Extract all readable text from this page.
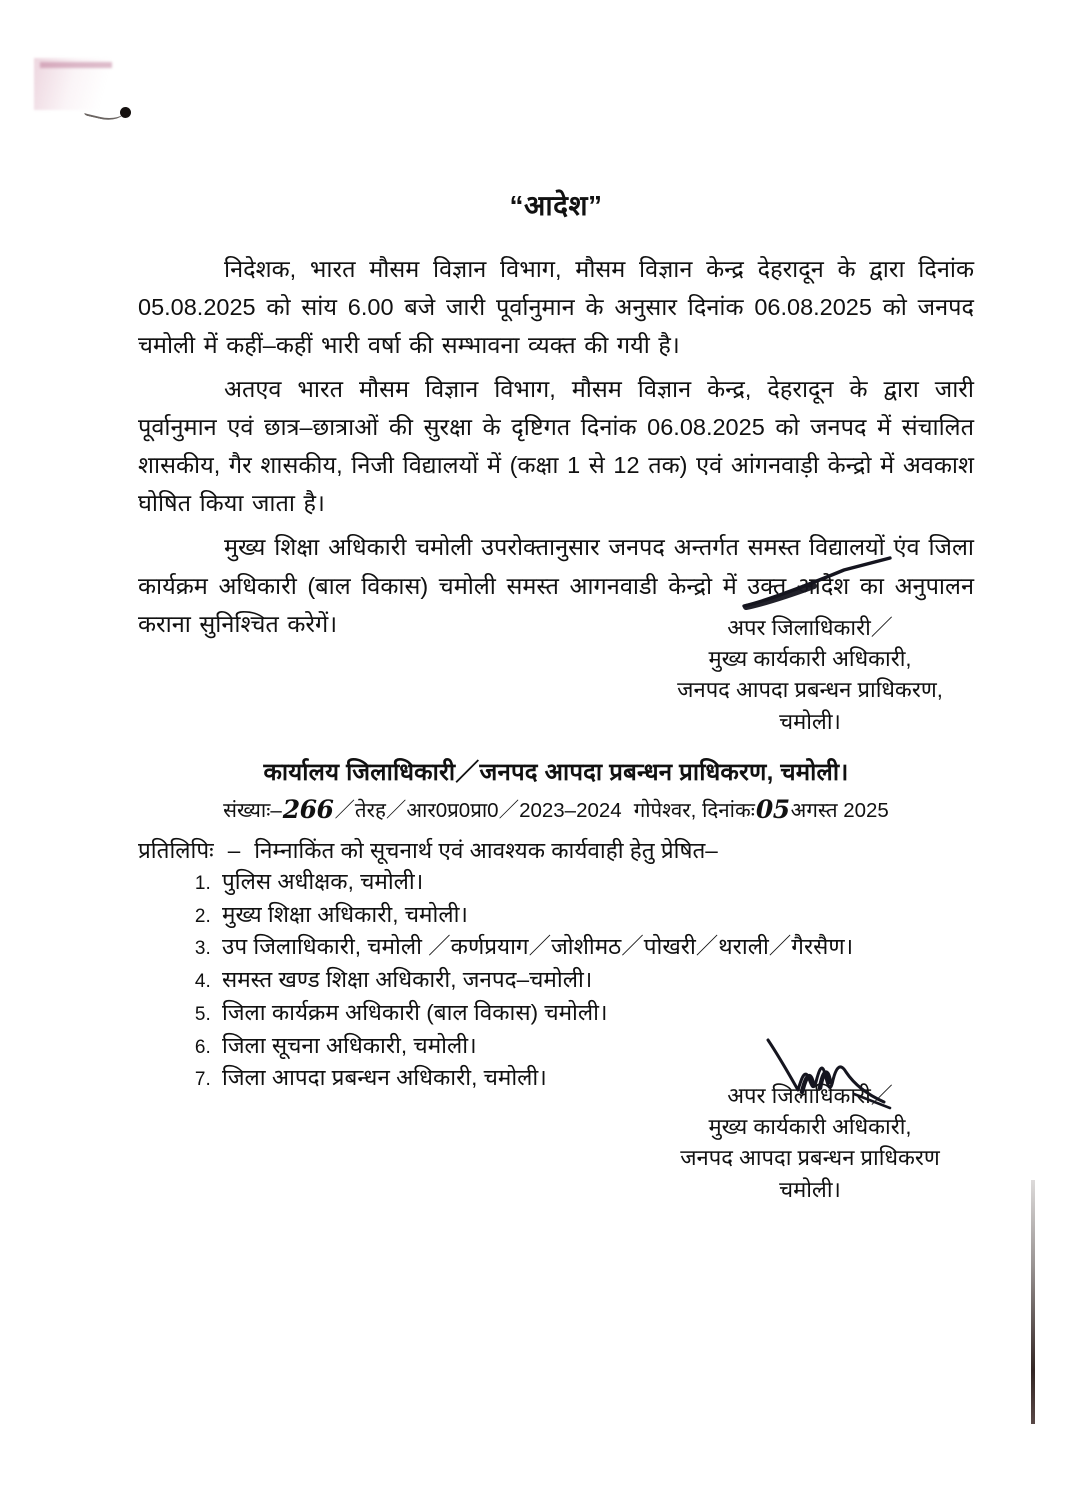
“आदेश”

निदेशक, भारत मौसम विज्ञान विभाग, मौसम विज्ञान केन्द्र देहरादून के द्वारा दिनांक 05.08.2025 को सांय 6.00 बजे जारी पूर्वानुमान के अनुसार दिनांक 06.08.2025 को जनपद चमोली में कहीं–कहीं भारी वर्षा की सम्भावना व्यक्त की गयी है।

अतएव भारत मौसम विज्ञान विभाग, मौसम विज्ञान केन्द्र, देहरादून के द्वारा जारी पूर्वानुमान एवं छात्र–छात्राओं की सुरक्षा के दृष्टिगत दिनांक 06.08.2025 को जनपद में संचालित शासकीय, गैर शासकीय, निजी विद्यालयों में (कक्षा 1 से 12 तक) एवं आंगनवाड़ी केन्द्रो में अवकाश घोषित किया जाता है।

मुख्य शिक्षा अधिकारी चमोली उपरोक्तानुसार जनपद अन्तर्गत समस्त विद्यालयों एंव जिला कार्यक्रम अधिकारी (बाल विकास) चमोली समस्त आगनवाडी केन्द्रो में उक्त आदेश का अनुपालन कराना सुनिश्चित करेगें।	अपर जिलाधिकारी／
मुख्य कार्यकारी अधिकारी,
जनपद आपदा प्रबन्धन प्राधिकरण,
चमोली।
कार्यालय जिलाधिकारी／जनपद आपदा प्रबन्धन प्राधिकरण, चमोली।
संख्याः–266／तेरह／आर0प्र0प्रा0／2023–2024 गोपेश्वर, दिनांकः05अगस्त 2025
प्रतिलिपिः – निम्नाकिंत को सूचनार्थ एवं आवश्यक कार्यवाही हेतु प्रेषित–
1. पुलिस अधीक्षक, चमोली।
2. मुख्य शिक्षा अधिकारी, चमोली।
3. उप जिलाधिकारी, चमोली ／कर्णप्रयाग／जोशीमठ／पोखरी／थराली／गैरसैण।
4. समस्त खण्ड शिक्षा अधिकारी, जनपद–चमोली।
5. जिला कार्यक्रम अधिकारी (बाल विकास) चमोली।
6. जिला सूचना अधिकारी, चमोली।
7. जिला आपदा प्रबन्धन अधिकारी, चमोली।
अपर जिलाधिकारी／
मुख्य कार्यकारी अधिकारी,
जनपद आपदा प्रबन्धन प्राधिकरण
चमोली।
